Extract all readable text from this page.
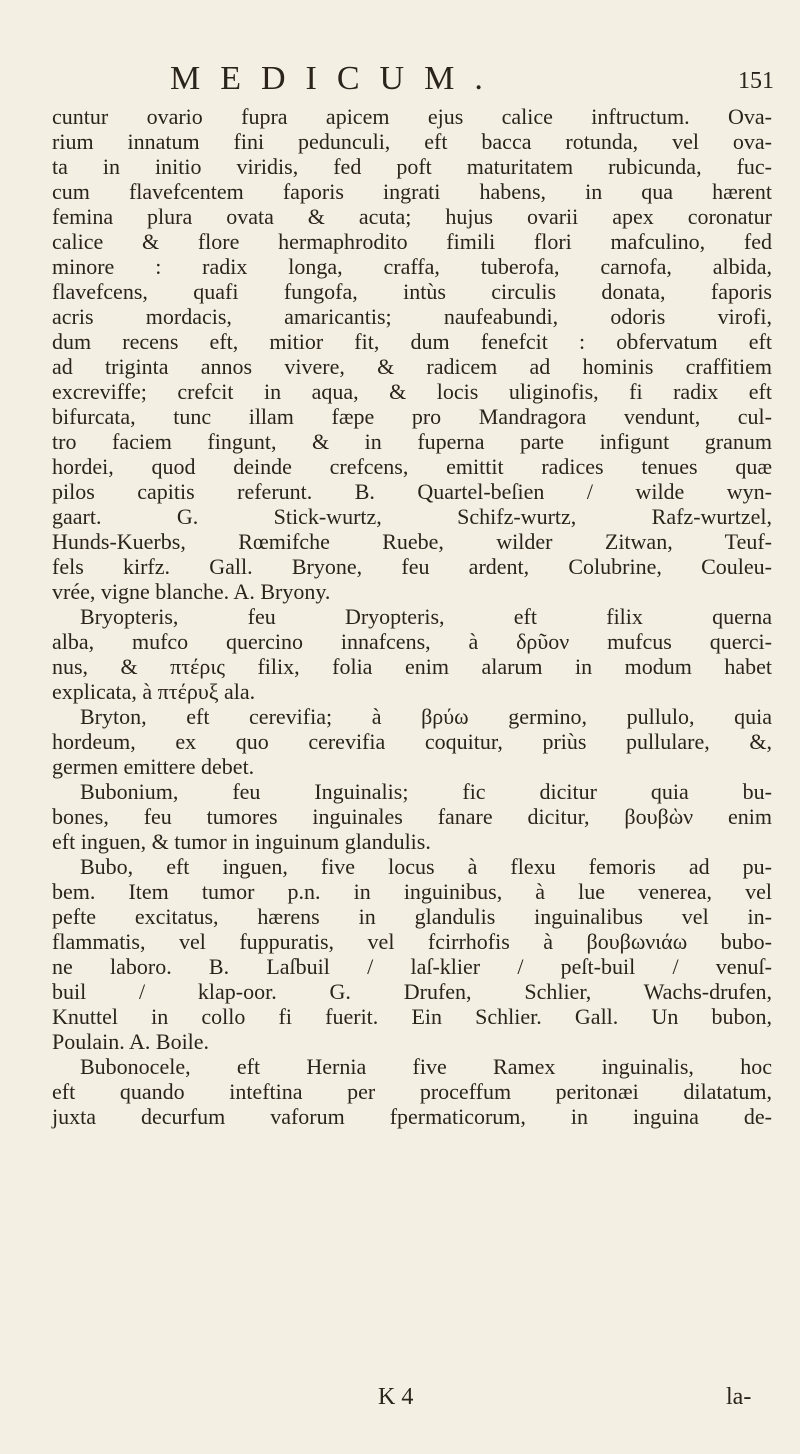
MEDICUM.	151
cuntur ovario fupra apicem ejus calice inftructum. Ova-
rium innatum fini pedunculi, eft bacca rotunda, vel ova-
ta in initio viridis, fed poft maturitatem rubicunda, fuc-
cum flavefcentem faporis ingrati habens, in qua hærent
femina plura ovata & acuta; hujus ovarii apex coronatur
calice & flore hermaphrodito fimili flori mafculino, fed
minore : radix longa, craffa, tuberofa, carnofa, albida,
flavefcens, quafi fungofa, intùs circulis donata, faporis
acris mordacis, amaricantis; naufeabundi, odoris virofi,
dum recens eft, mitior fit, dum fenefcit : obfervatum eft
ad triginta annos vivere, & radicem ad hominis craffitiem
excreviffe; crefcit in aqua, & locis uliginofis, fi radix eft
bifurcata, tunc illam fæpe pro Mandragora vendunt, cul-
tro faciem fingunt, & in fuperna parte infigunt granum
hordei, quod deinde crefcens, emittit radices tenues quæ
pilos capitis referunt. B. Quartel-beſien / wilde wyn-
gaart. G. Stick-wurtz, Schifz-wurtz, Rafz-wurtzel,
Hunds-Kuerbs, Rœmifche Ruebe, wilder Zitwan, Teuf-
fels kirfz. Gall. Bryone, feu ardent, Colubrine, Couleu-
vrée, vigne blanche. A. Bryony.
Bryopteris, feu Dryopteris, eft filix querna
alba, mufco quercino innafcens, à δρῦον mufcus querci-
nus, & πτέρις filix, folia enim alarum in modum habet
explicata, à πτέρυξ ala.
Bryton, eft cerevifia; à βρύω germino, pullulo, quia
hordeum, ex quo cerevifia coquitur, priùs pullulare, &,
germen emittere debet.
Bubonium, feu Inguinalis; fic dicitur quia bu-
bones, feu tumores inguinales fanare dicitur, βουβὼν enim
eft inguen, & tumor in inguinum glandulis.
Bubo, eft inguen, five locus à flexu femoris ad pu-
bem. Item tumor p.n. in inguinibus, à lue venerea, vel
pefte excitatus, hærens in glandulis inguinalibus vel in-
flammatis, vel fuppuratis, vel fcirrhofis à βουβωνιάω bubo-
ne laboro. B. Laſbuil / laſ-klier / peſt-buil / venuſ-
buil / klap-oor. G. Drufen, Schlier, Wachs-drufen,
Knuttel in collo fi fuerit. Ein Schlier. Gall. Un bubon,
Poulain. A. Boile.
Bubonocele, eft Hernia five Ramex inguinalis, hoc
eft quando inteftina per proceffum peritonæi dilatatum,
juxta decurfum vaforum fpermaticorum, in inguina de-
K 4	la-
